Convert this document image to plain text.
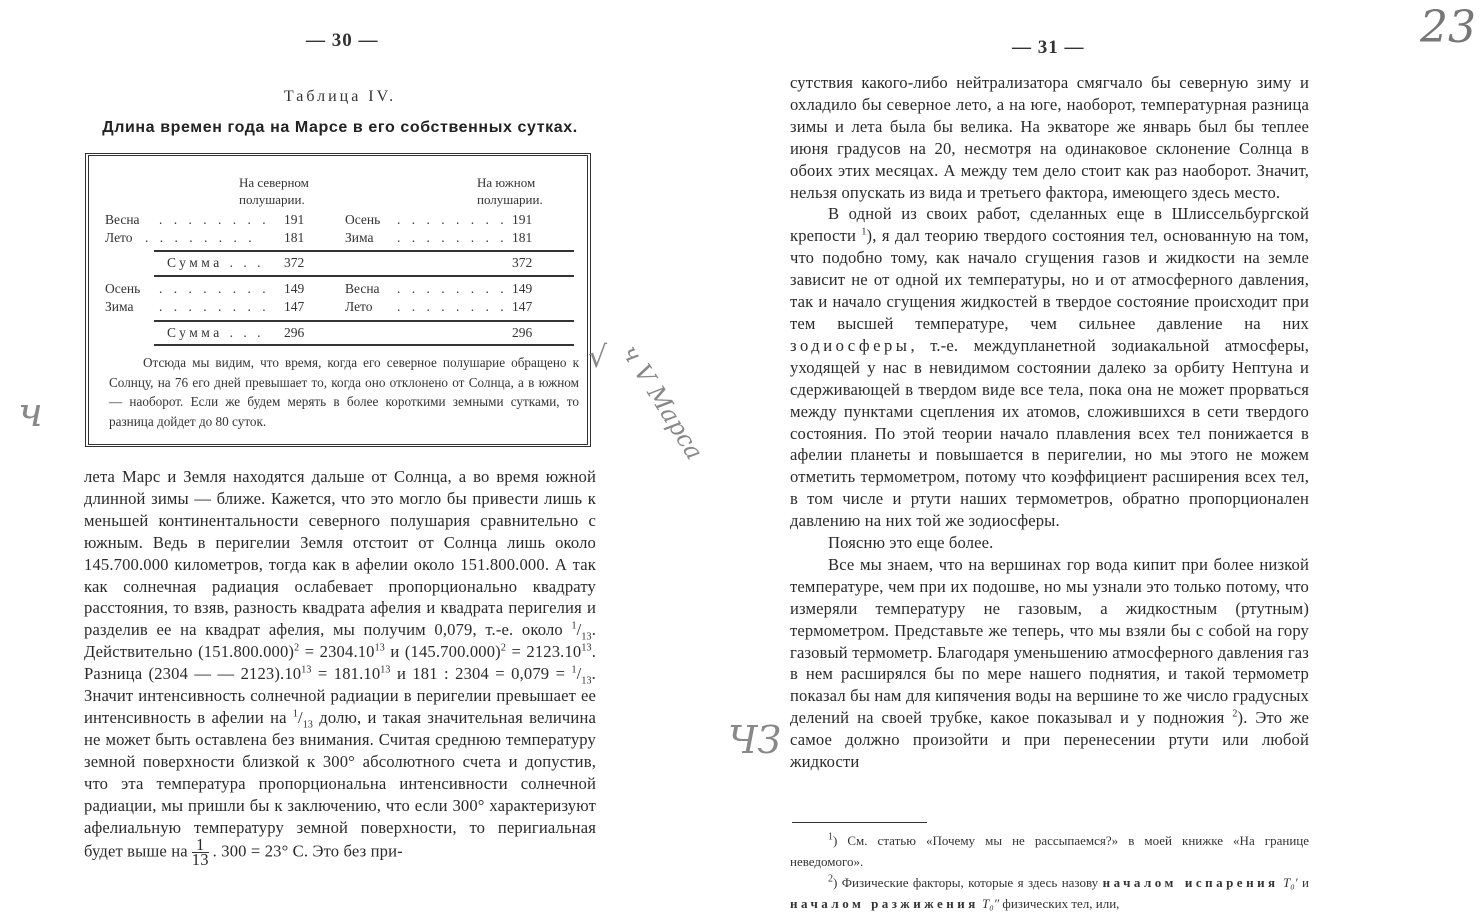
— 30 —
Таблица IV.
Длина времен года на Марсе в его собственных сутках.
На северном
полушарии.
На южном
полушарии.
Весна . . . . . . . . 191	Осень . . . . . . . . 191
Лето . . . . . . . . 181	Зима . . . . . . . . 181
Сумма . . . 372	372
Осень . . . . . . . . 149	Весна . . . . . . . . 149
Зима . . . . . . . . 147	Лето . . . . . . . . 147
Сумма . . . 296	296
Отсюда мы видим, что время, когда его северное полушарие обращено к Солнцу, на 76 его дней превышает то, когда оно отклонено от Солнца, а в южном — наоборот. Если же будем мерять в более короткими земными сутками, то разница дойдет до 80 суток.

лета Марс и Земля находятся дальше от Солнца, а во время южной длинной зимы — ближе. Кажется, что это могло бы привести лишь к меньшей континентальности северного полушария сравнительно с южным. Ведь в перигелии Земля отстоит от Солнца лишь около 145.700.000 километров, тогда как в афелии около 151.800.000. А так как солнечная радиация ослабевает пропорционально квадрату расстояния, то взяв, разность квадрата афелия и квадрата перигелия и разделив ее на квадрат афелия, мы получим 0,079, т.-е. около $^1/_{13}$. Действительно $(151.800.000)^2 = 2304.10^{13}$ и $(145.700.000)^2 = 2123.10^{13}$. Разница (2304 — — $2123).10^{13} = 181.10^{13}$ и 181 : $2304 = 0,079 = ^1/_{13}$. Значит интенсивность солнечной радиации в перигелии превышает ее интенсивность в афелии на $^1/_{13}$ долю, и такая значительная величина не может быть оставлена без внимания. Считая среднюю температуру земной поверхности близкой к 300° абсолютного счета и допустив, что эта температура пропорциональна интенсивности солнечной радиации, мы пришли бы к заключению, что если 300° характеризуют афелиальную температуру земной поверхности, то перигиальная будет выше на $\frac{1}{13}$ . 300 = 23° С. Это без при-

— 31 —

сутствия какого-либо нейтрализатора смягчало бы северную зиму и охладило бы северное лето, а на юге, наоборот, температурная разница зимы и лета была бы велика. На экваторе же январь был бы теплее июня градусов на 20, несмотря на одинаковое склонение Солнца в обоих этих месяцах. А между тем дело стоит как раз наоборот. Значит, нельзя опускать из вида и третьего фактора, имеющего здесь место.

В одной из своих работ, сделанных еще в Шлиссельбургской крепости $^1$), я дал теорию твердого состояния тел, основанную на том, что подобно тому, как начало сгущения газов и жидкости на земле зависит не от одной их температуры, но и от атмосферного давления, так и начало сгущения жидкостей в твердое состояние происходит при тем высшей температуре, чем сильнее давление на них зодиосферы, т.-е. междупланетной зодиакальной атмосферы, уходящей у нас в невидимом состоянии далеко за орбиту Нептуна и сдерживающей в твердом виде все тела, пока она не может прорваться между пунктами сцепления их атомов, сложившихся в сети твердого состояния. По этой теории начало плавления всех тел понижается в афелии планеты и повышается в перигелии, но мы этого не можем отметить термометром, потому что коэффициент расширения всех тел, в том числе и ртути наших термометров, обратно пропорционален давлению на них той же зодиосферы.

Поясню это еще более.

Все мы знаем, что на вершинах гор вода кипит при более низкой температуре, чем при их подошве, но мы узнали это только потому, что измеряли температуру не газовым, а жидкостным (ртутным) термометром. Представьте же теперь, что мы взяли бы с собой на гору газовый термометр. Благодаря уменьшению атмосферного давления газ в нем расширялся бы по мере нашего поднятия, и такой термометр показал бы нам для кипячения воды на вершине то же число градусных делений на своей трубке, какое показывал и у подножия $^2$). Это же самое должно произойти и при перенесении ртути или любой жидкости

$^1$) См. статью «Почему мы не рассыпаемся?» в моей книжке «На границе неведомого».

$^2$) Физические факторы, которые я здесь назову началом испарения T₀′ и началом разжижения T₀″ физических тел, или,

23
ч
√ ч V Марса
ЧЗ
